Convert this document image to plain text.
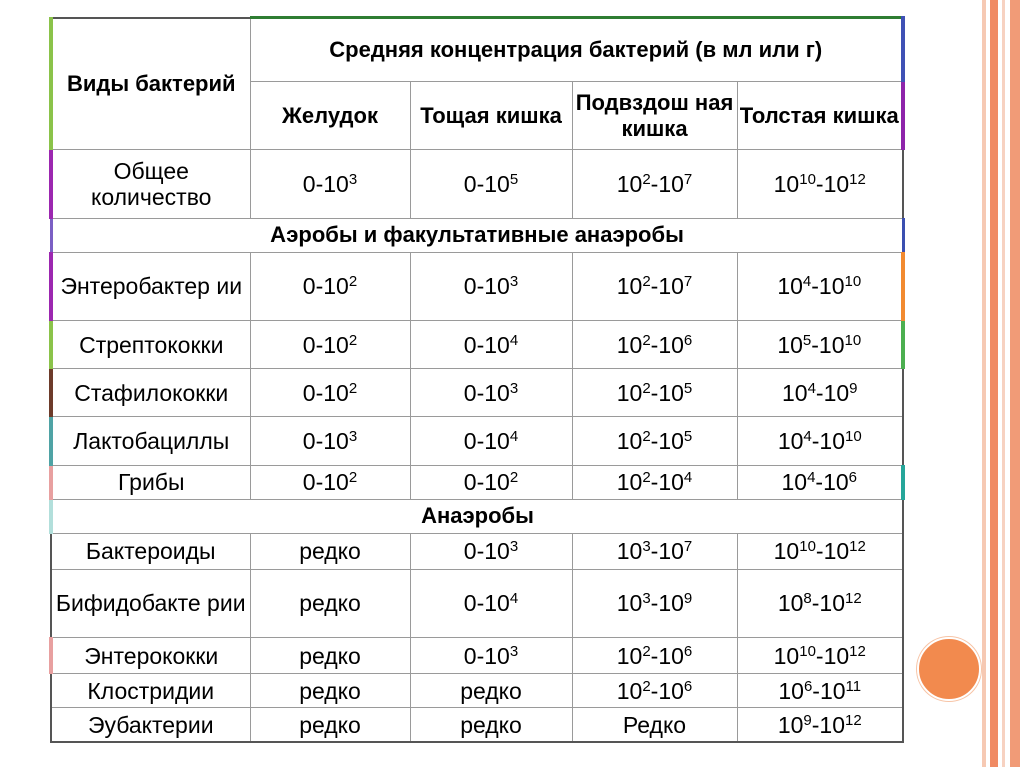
Виды бактерий	Средняя концентрация бактерий (в мл или г)			
	Желудок	Тощая кишка	Подвздош ная кишка	Толстая кишка
Общее количество	$0-10^3$	$0-10^5$	$10^2-10^7$	$10^{10}-10^{12}$
Аэробы и факультативные анаэробы				
Энтеробактер ии	$0-10^2$	$0-10^3$	$10^2-10^7$	$10^4-10^{10}$
Стрептококки	$0-10^2$	$0-10^4$	$10^2-10^6$	$10^5-10^{10}$
Стафилококки	$0-10^2$	$0-10^3$	$10^2-10^5$	$10^4-10^9$
Лактобациллы	$0-10^3$	$0-10^4$	$10^2-10^5$	$10^4-10^{10}$
Грибы	$0-10^2$	$0-10^2$	$10^2-10^4$	$10^4-10^6$
Анаэробы				
Бактероиды	редко	$0-10^3$	$10^3-10^7$	$10^{10}-10^{12}$
Бифидобакте рии	редко	$0-10^4$	$10^3-10^9$	$10^8-10^{12}$
Энтерококки	редко	$0-10^3$	$10^2-10^6$	$10^{10}-10^{12}$
Клостридии	редко	редко	$10^2-10^6$	$10^6-10^{11}$
Эубактерии	редко	редко	Редко	$10^9-10^{12}$
